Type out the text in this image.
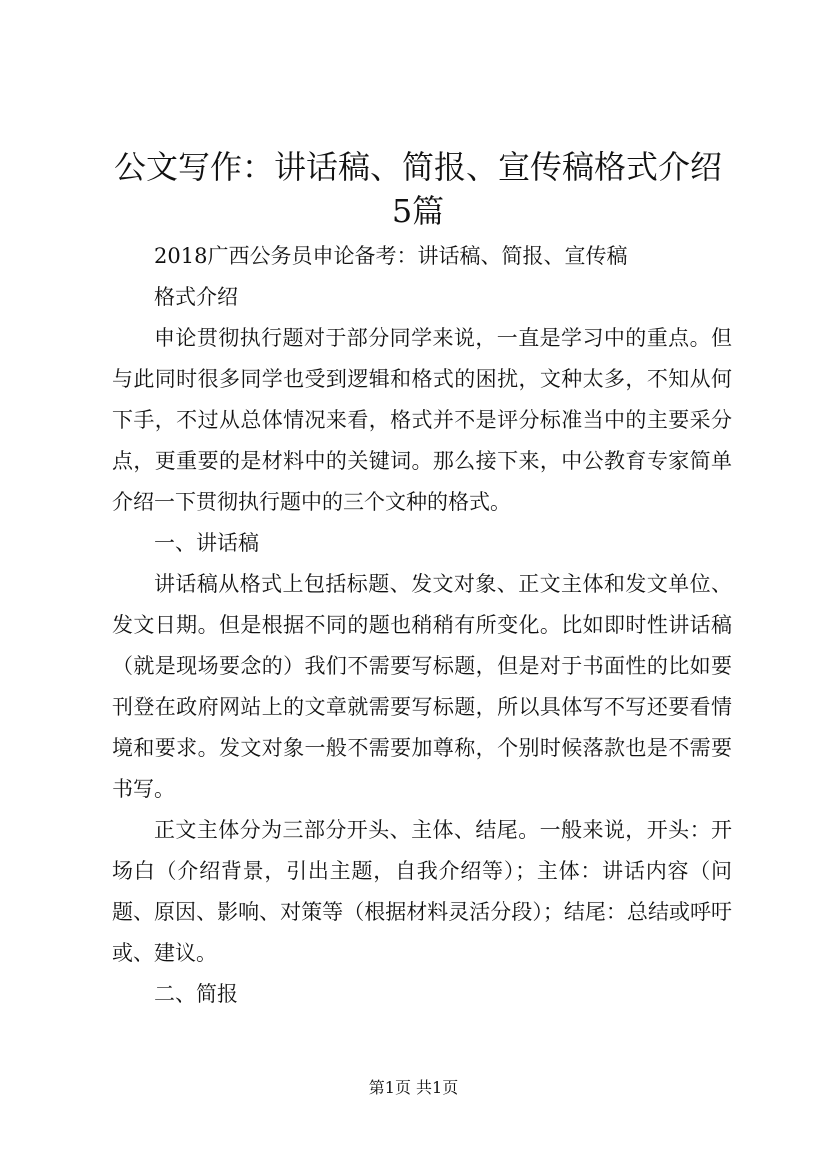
公文写作：讲话稿、简报、宣传稿格式介绍5篇

2018广西公务员申论备考：讲话稿、简报、宣传稿

格式介绍

申论贯彻执行题对于部分同学来说，一直是学习中的重点。但与此同时很多同学也受到逻辑和格式的困扰，文种太多，不知从何下手，不过从总体情况来看，格式并不是评分标准当中的主要采分点，更重要的是材料中的关键词。那么接下来，中公教育专家简单介绍一下贯彻执行题中的三个文种的格式。

一、讲话稿

讲话稿从格式上包括标题、发文对象、正文主体和发文单位、发文日期。但是根据不同的题也稍稍有所变化。比如即时性讲话稿（就是现场要念的）我们不需要写标题，但是对于书面性的比如要刊登在政府网站上的文章就需要写标题，所以具体写不写还要看情境和要求。发文对象一般不需要加尊称，个别时候落款也是不需要书写。

正文主体分为三部分开头、主体、结尾。一般来说，开头：开场白（介绍背景，引出主题，自我介绍等）；主体：讲话内容（问题、原因、影响、对策等（根据材料灵活分段）；结尾：总结或呼吁或、建议。

二、简报

第1页 共1页
